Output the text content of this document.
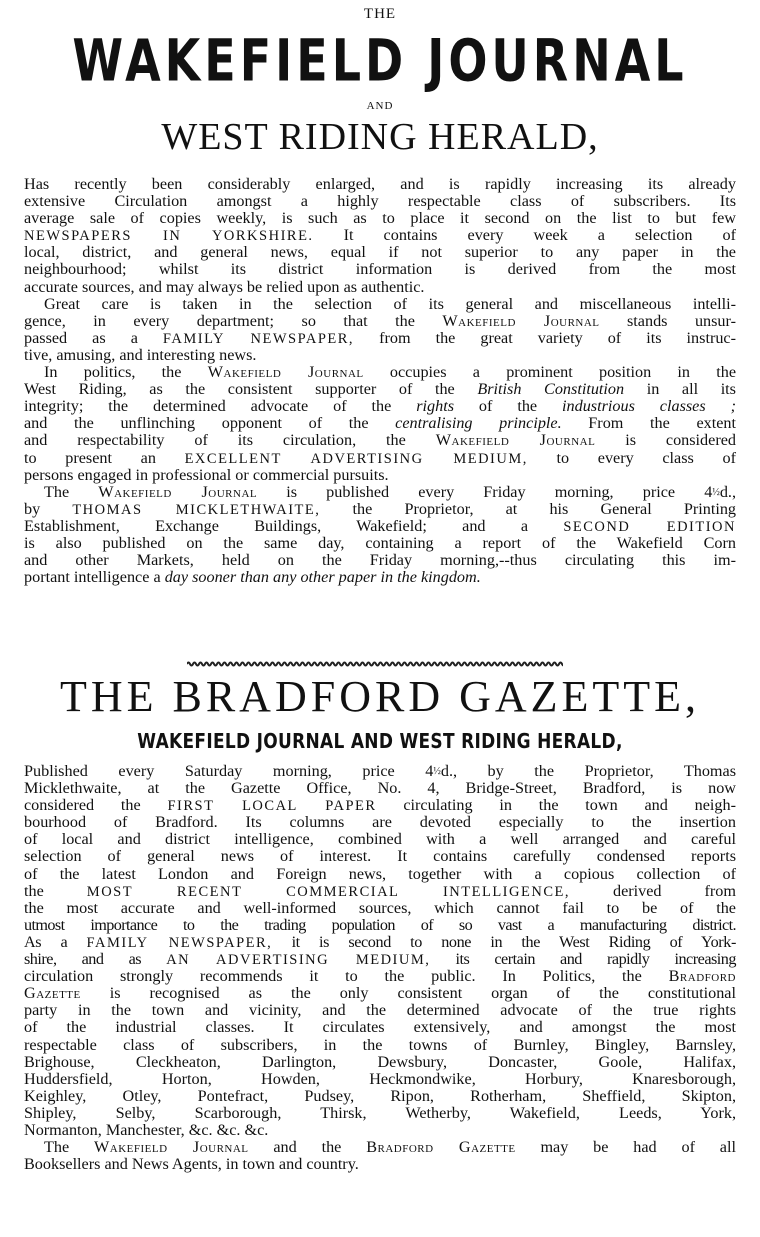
THE
WAKEFIELD JOURNAL
AND
WEST RIDING HERALD,
Has recently been considerably enlarged, and is rapidly increasing its already
extensive Circulation amongst a highly respectable class of subscribers. Its
average sale of copies weekly, is such as to place it second on the list to but few
NEWSPAPERS IN YORKSHIRE. It contains every week a selection of
local, district, and general news, equal if not superior to any paper in the
neighbourhood; whilst its district information is derived from the most
accurate sources, and may always be relied upon as authentic.
Great care is taken in the selection of its general and miscellaneous intelli-
gence, in every department; so that the Wakefield Journal stands unsur-
passed as a FAMILY NEWSPAPER, from the great variety of its instruc-
tive, amusing, and interesting news.
In politics, the Wakefield Journal occupies a prominent position in the
West Riding, as the consistent supporter of the British Constitution in all its
integrity; the determined advocate of the rights of the industrious classes ;
and the unflinching opponent of the centralising principle. From the extent
and respectability of its circulation, the Wakefield Journal is considered
to present an EXCELLENT ADVERTISING MEDIUM, to every class of
persons engaged in professional or commercial pursuits.
The Wakefield Journal is published every Friday morning, price 4½d.,
by THOMAS MICKLETHWAITE, the Proprietor, at his General Printing
Establishment, Exchange Buildings, Wakefield; and a SECOND EDITION
is also published on the same day, containing a report of the Wakefield Corn
and other Markets, held on the Friday morning,--thus circulating this im-
portant intelligence a day sooner than any other paper in the kingdom.
THE BRADFORD GAZETTE,
WAKEFIELD JOURNAL AND WEST RIDING HERALD,
Published every Saturday morning, price 4½d., by the Proprietor, Thomas
Micklethwaite, at the Gazette Office, No. 4, Bridge-Street, Bradford, is now
considered the FIRST LOCAL PAPER circulating in the town and neigh-
bourhood of Bradford. Its columns are devoted especially to the insertion
of local and district intelligence, combined with a well arranged and careful
selection of general news of interest. It contains carefully condensed reports
of the latest London and Foreign news, together with a copious collection of
the MOST RECENT COMMERCIAL INTELLIGENCE, derived from
the most accurate and well-informed sources, which cannot fail to be of the
utmost importance to the trading population of so vast a manufacturing district.
As a FAMILY NEWSPAPER, it is second to none in the West Riding of York-
shire, and as AN ADVERTISING MEDIUM, its certain and rapidly increasing
circulation strongly recommends it to the public. In Politics, the Bradford
Gazette is recognised as the only consistent organ of the constitutional
party in the town and vicinity, and the determined advocate of the true rights
of the industrial classes. It circulates extensively, and amongst the most
respectable class of subscribers, in the towns of Burnley, Bingley, Barnsley,
Brighouse, Cleckheaton, Darlington, Dewsbury, Doncaster, Goole, Halifax,
Huddersfield, Horton, Howden, Heckmondwike, Horbury, Knaresborough,
Keighley, Otley, Pontefract, Pudsey, Ripon, Rotherham, Sheffield, Skipton,
Shipley, Selby, Scarborough, Thirsk, Wetherby, Wakefield, Leeds, York,
Normanton, Manchester, &c. &c. &c.
The Wakefield Journal and the Bradford Gazette may be had of all
Booksellers and News Agents, in town and country.
